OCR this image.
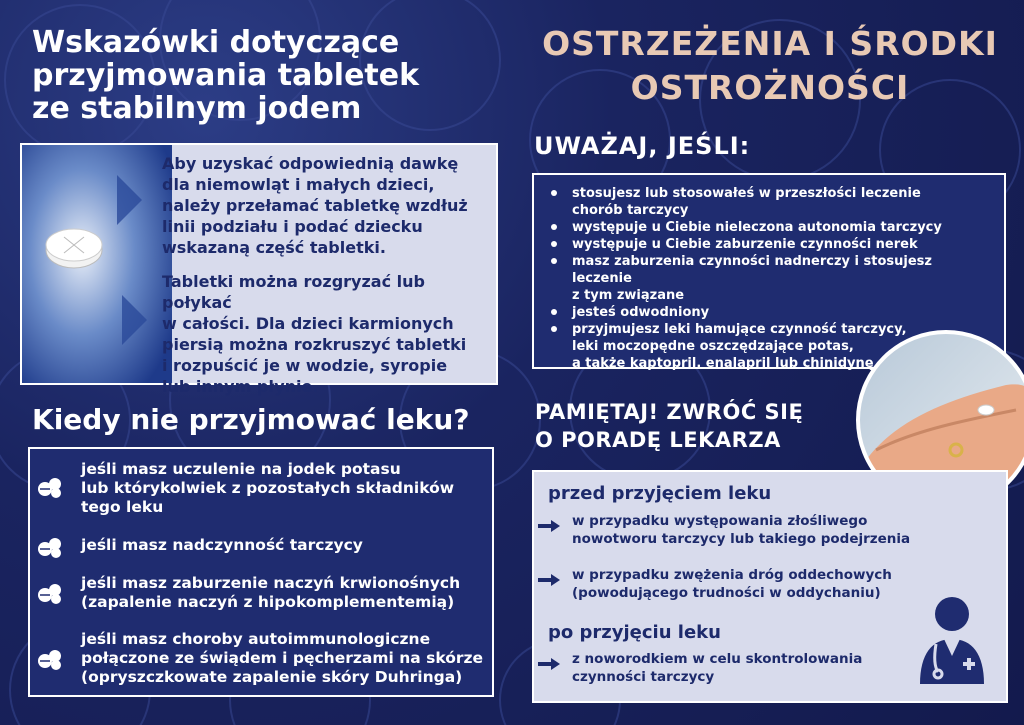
Wskazówki dotyczące
przyjmowania tabletek
ze stabilnym jodem
OSTRZEŻENIA I ŚRODKI
OSTROŻNOŚCI
Aby uzyskać odpowiednią dawkę
dla niemowląt i małych dzieci,
należy przełamać tabletkę wzdłuż
linii podziału i podać dziecku
wskazaną część tabletki.
Tabletki można rozgryzać lub połykać
w całości. Dla dzieci karmionych
piersią można rozkruszyć tabletki
i rozpuścić je w wodzie, syropie
lub innym płynie.
Kiedy nie przyjmować leku?
jeśli masz uczulenie na jodek potasu
lub którykolwiek z pozostałych składników
tego leku
jeśli masz nadczynność tarczycy
jeśli masz zaburzenie naczyń krwionośnych
(zapalenie naczyń z hipokomplementemią)
jeśli masz choroby autoimmunologiczne
połączone ze świądem i pęcherzami na skórze
(opryszczkowate zapalenie skóry Duhringa)
UWAŻAJ, JEŚLI:
stosujesz lub stosowałeś w przeszłości leczenie
chorób tarczycy
występuje u Ciebie nieleczona autonomia tarczycy
występuje u Ciebie zaburzenie czynności nerek
masz zaburzenia czynności nadnerczy i stosujesz leczenie
z tym związane
jesteś odwodniony
przyjmujesz leki hamujące czynność tarczycy,
leki moczopędne oszczędzające potas,
a także kaptopril, enalapril lub chinidynę
PAMIĘTAJ! ZWRÓĆ SIĘ
O PORADĘ LEKARZA
przed przyjęciem leku
w przypadku występowania złośliwego
nowotworu tarczycy lub takiego podejrzenia
w przypadku zwężenia dróg oddechowych
(powodującego trudności w oddychaniu)
po przyjęciu leku
z noworodkiem w celu skontrolowania
czynności tarczycy
